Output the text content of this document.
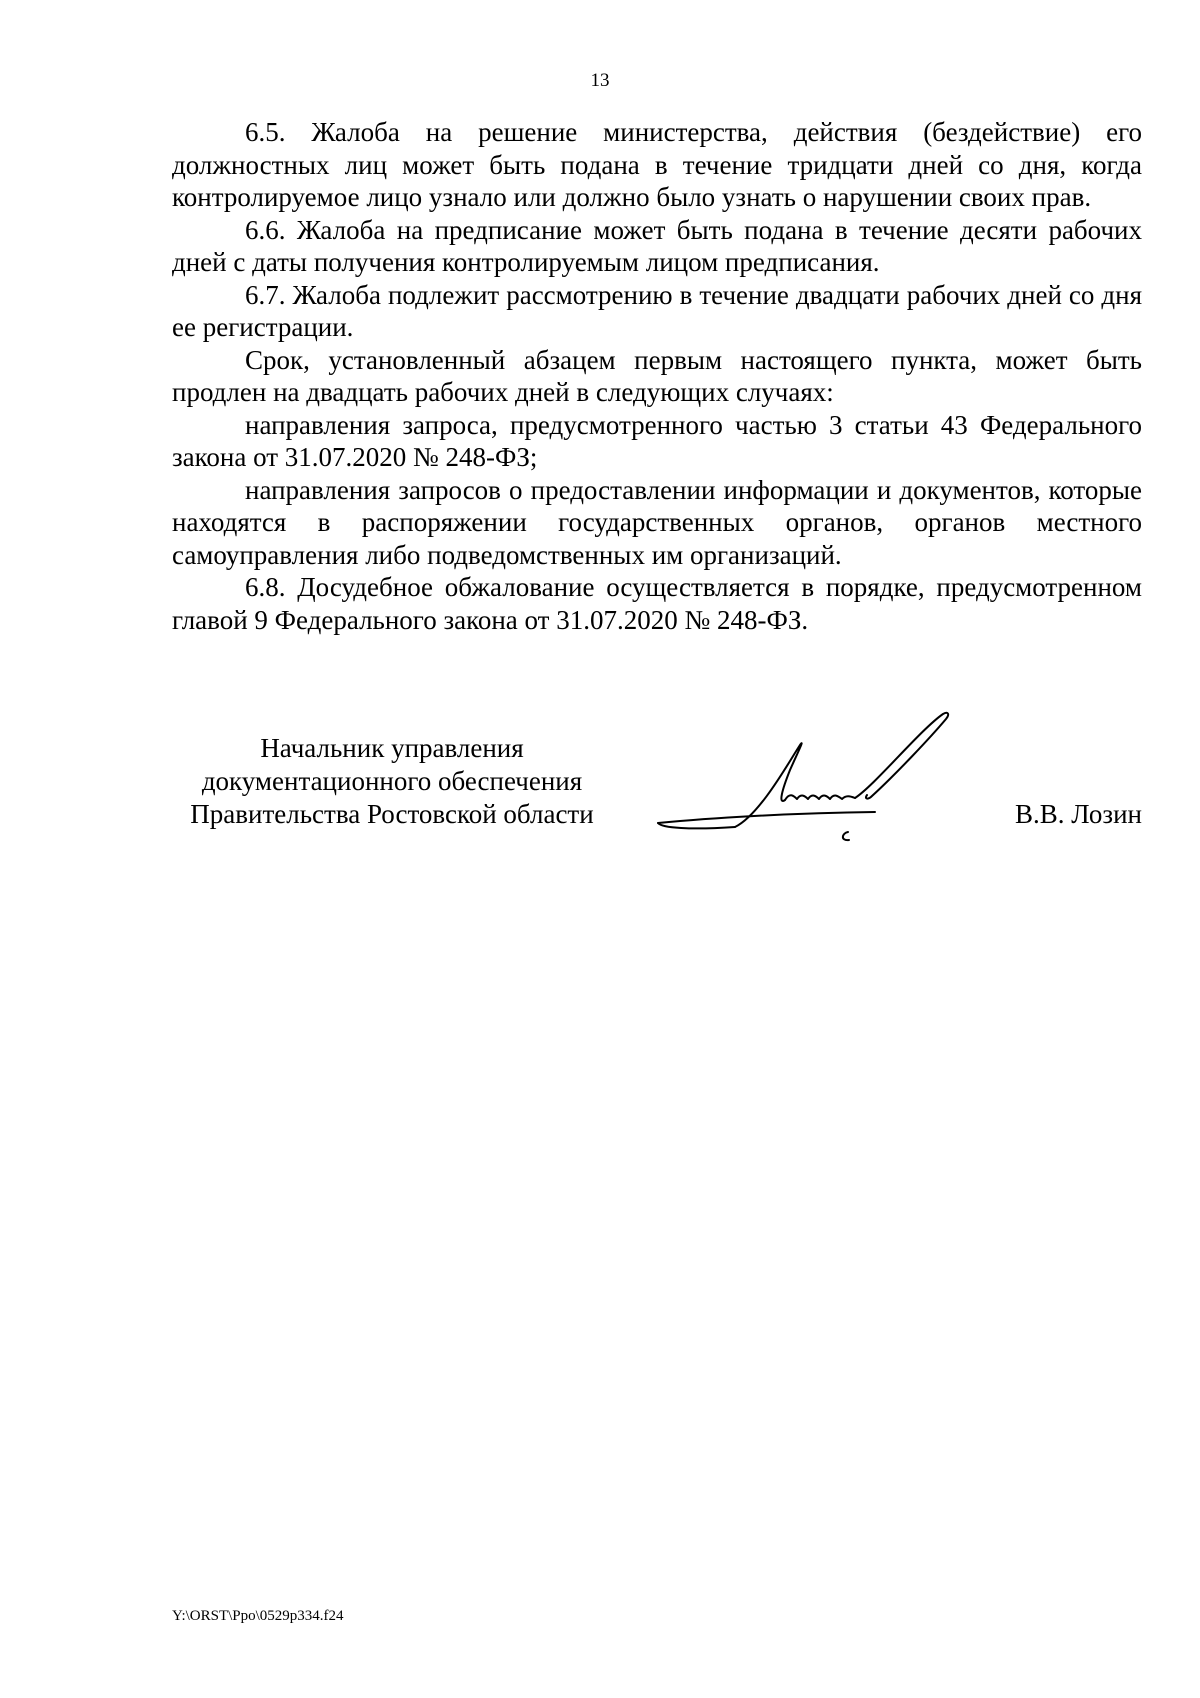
13

6.5. Жалоба на решение министерства, действия (бездействие) его должностных лиц может быть подана в течение тридцати дней со дня, когда контролируемое лицо узнало или должно было узнать о нарушении своих прав.

6.6. Жалоба на предписание может быть подана в течение десяти рабочих дней с даты получения контролируемым лицом предписания.

6.7. Жалоба подлежит рассмотрению в течение двадцати рабочих дней со дня ее регистрации.

Срок, установленный абзацем первым настоящего пункта, может быть продлен на двадцать рабочих дней в следующих случаях:

направления запроса, предусмотренного частью 3 статьи 43 Федерального закона от 31.07.2020 № 248-ФЗ;

направления запросов о предоставлении информации и документов, которые находятся в распоряжении государственных органов, органов местного самоуправления либо подведомственных им организаций.

6.8. Досудебное обжалование осуществляется в порядке, предусмотренном главой 9 Федерального закона от 31.07.2020 № 248-ФЗ.

Начальник управления
документационного обеспечения
Правительства Ростовской области	В.В. Лозин
Y:\ORST\Ppo\0529p334.f24
